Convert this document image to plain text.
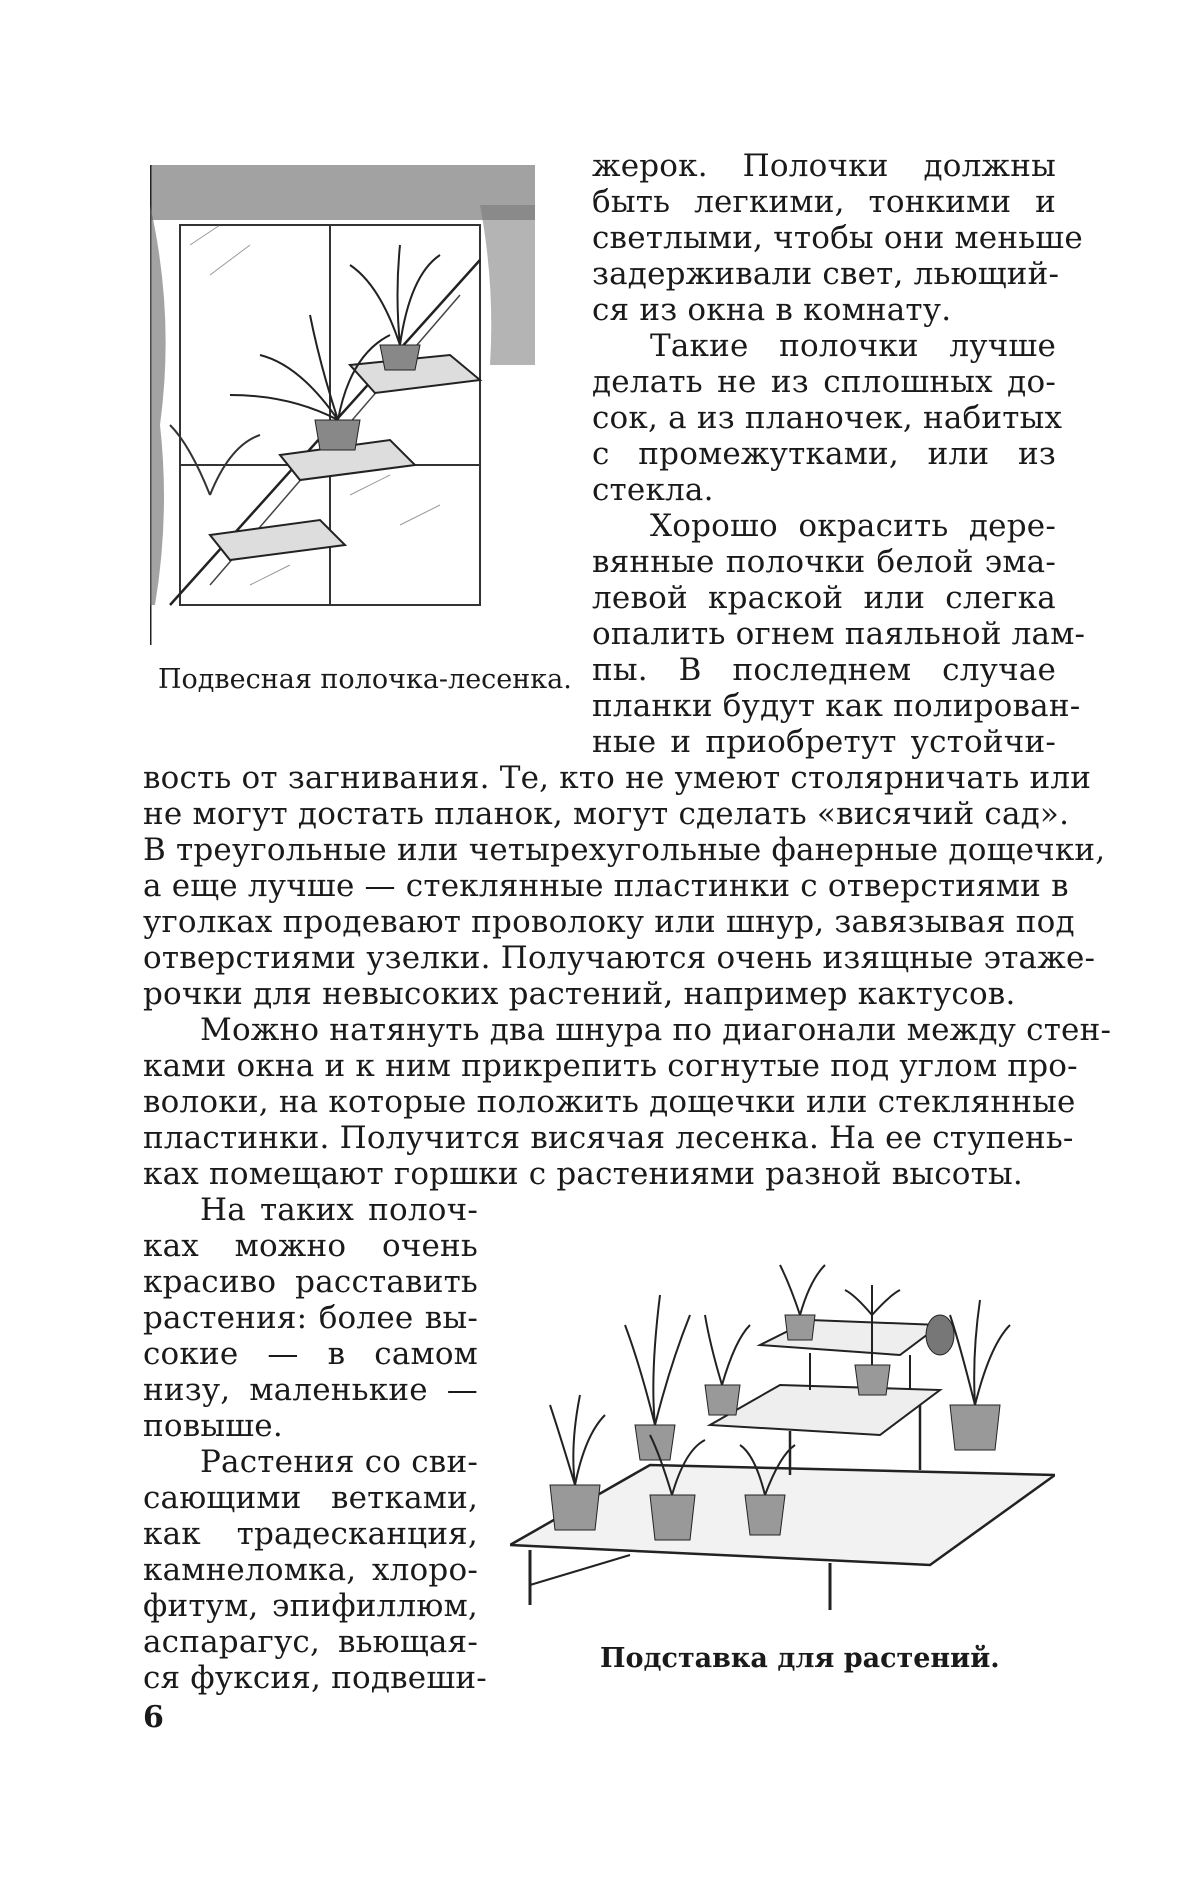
Подвесная полочка-лесенка.
жерок. Полочки должны
быть легкими, тонкими и
светлыми, чтобы они меньше
задерживали свет, льющий-
ся из окна в комнату.
Такие полочки лучше
делать не из сплошных до-
сок, а из планочек, набитых
с промежутками, или из
стекла.
Хорошо окрасить дере-
вянные полочки белой эма-
левой краской или слегка
опалить огнем паяльной лам-
пы. В последнем случае
планки будут как полирован-
ные и приобретут устойчи-
вость от загнивания. Те, кто не умеют столярничать или
не могут достать планок, могут сделать «висячий сад».
В треугольные или четырехугольные фанерные дощечки,
а еще лучше — стеклянные пластинки с отверстиями в
уголках продевают проволоку или шнур, завязывая под
отверстиями узелки. Получаются очень изящные этаже-
рочки для невысоких растений, например кактусов.
Можно натянуть два шнура по диагонали между стен-
ками окна и к ним прикрепить согнутые под углом про-
волоки, на которые положить дощечки или стеклянные
пластинки. Получится висячая лесенка. На ее ступень-
ках помещают горшки с растениями разной высоты.
На таких полоч-
ках можно очень
красиво расставить
растения: более вы-
сокие — в самом
низу, маленькие —
повыше.
Растения со сви-
сающими ветками,
как традесканция,
камнеломка, хлоро-
фитум, эпифиллюм,
аспарагус, вьющая-
ся фуксия, подвеши-
Подставка для растений.
6
